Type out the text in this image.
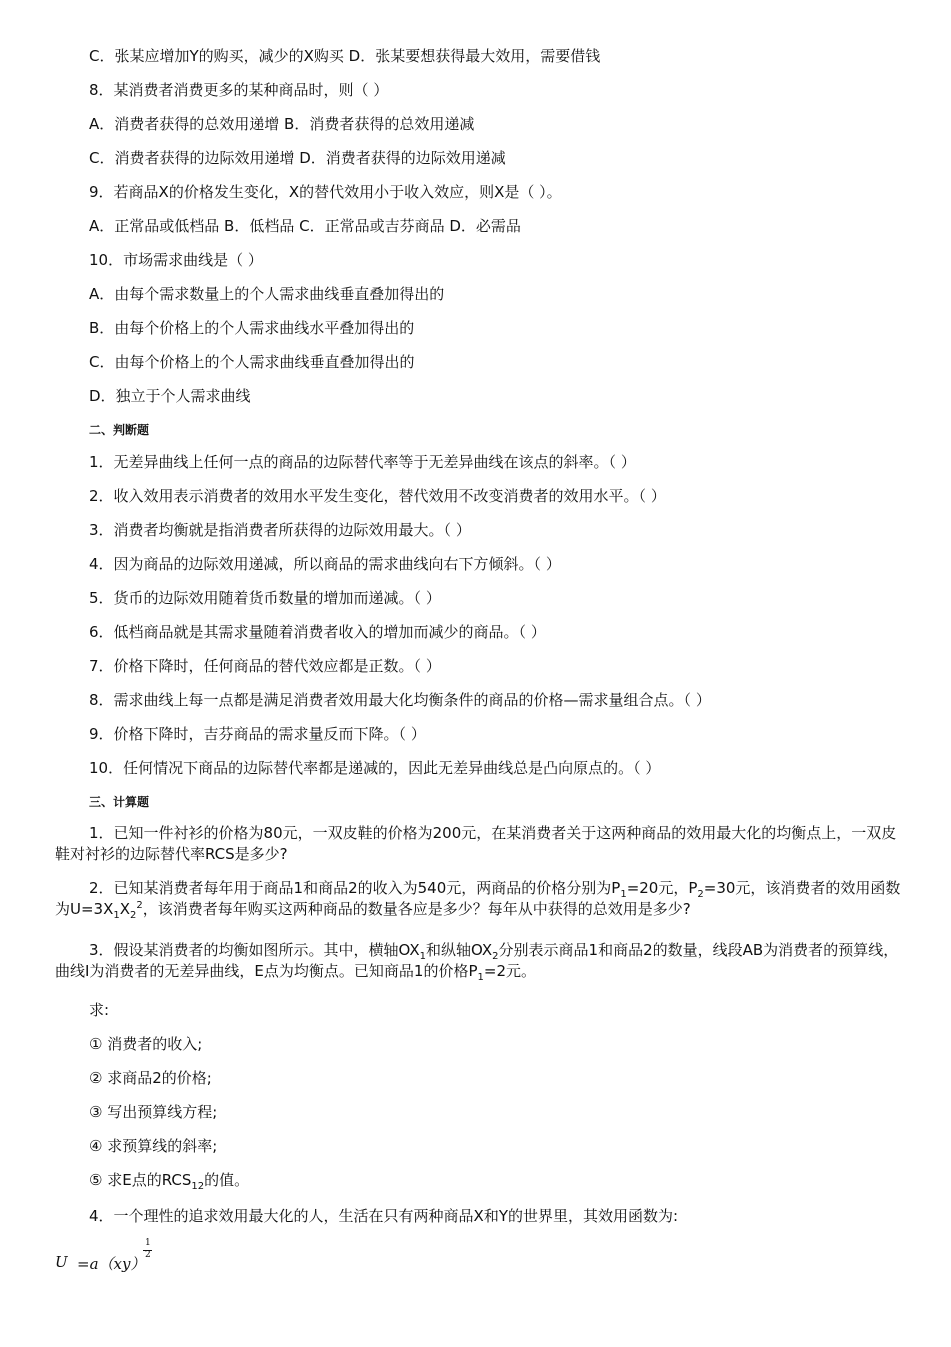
C．张某应增加Y的购买，减少的X购买 D．张某要想获得最大效用，需要借钱
8．某消费者消费更多的某种商品时，则（ ）
A．消费者获得的总效用递增 B．消费者获得的总效用递减
C．消费者获得的边际效用递增 D．消费者获得的边际效用递减
9．若商品X的价格发生变化，X的替代效用小于收入效应，则X是（ ）。
A．正常品或低档品 B．低档品 C．正常品或吉芬商品 D．必需品
10．市场需求曲线是（ ）
A．由每个需求数量上的个人需求曲线垂直叠加得出的
B．由每个价格上的个人需求曲线水平叠加得出的
C．由每个价格上的个人需求曲线垂直叠加得出的
D．独立于个人需求曲线
二、判断题
1．无差异曲线上任何一点的商品的边际替代率等于无差异曲线在该点的斜率。（ ）
2．收入效用表示消费者的效用水平发生变化，替代效用不改变消费者的效用水平。（ ）
3．消费者均衡就是指消费者所获得的边际效用最大。（ ）
4．因为商品的边际效用递减，所以商品的需求曲线向右下方倾斜。（ ）
5．货币的边际效用随着货币数量的增加而递减。（ ）
6．低档商品就是其需求量随着消费者收入的增加而减少的商品。（ ）
7．价格下降时，任何商品的替代效应都是正数。（ ）
8．需求曲线上每一点都是满足消费者效用最大化均衡条件的商品的价格—需求量组合点。（ ）
9．价格下降时，吉芬商品的需求量反而下降。（ ）
10．任何情况下商品的边际替代率都是递减的，因此无差异曲线总是凸向原点的。（ ）
三、计算题
1．已知一件衬衫的价格为80元，一双皮鞋的价格为200元，在某消费者关于这两种商品的效用最大化的均衡点上，一双皮鞋对衬衫的边际替代率RCS是多少?
2．已知某消费者每年用于商品1和商品2的收入为540元，两商品的价格分别为$P_1=20$元，$P_2=30$元，该消费者的效用函数为$U=3X_1X_2^2$，该消费者每年购买这两种商品的数量各应是多少？每年从中获得的总效用是多少?
3．假设某消费者的均衡如图所示。其中，横轴$OX_1$和纵轴$OX_2$分别表示商品1和商品2的数量，线段AB为消费者的预算线，曲线I为消费者的无差异曲线，E点为均衡点。已知商品1的价格$P_1=2$元。
求:
① 消费者的收入;
② 求商品2的价格;
③ 写出预算线方程;
④ 求预算线的斜率;
⑤ 求E点的$RCS_{12}$的值。
4．一个理性的追求效用最大化的人，生活在只有两种商品X和Y的世界里，其效用函数为:
U =a（xy）
1
2
